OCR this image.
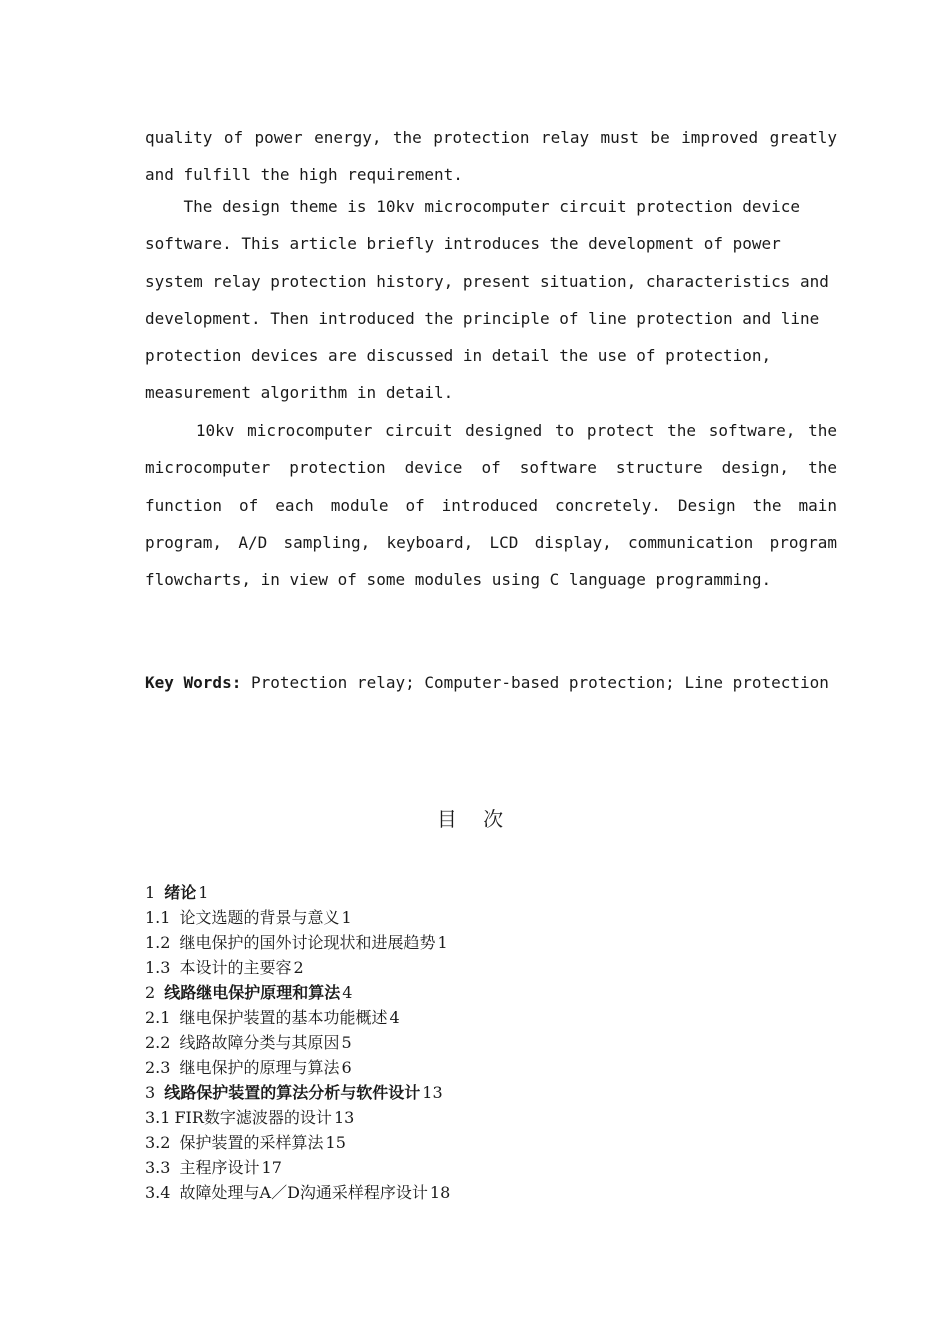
quality of power energy, the protection relay must be improved greatly
and fulfill the high requirement.
The design theme is 10kv microcomputer circuit protection device
software. This article briefly introduces the development of power
system relay protection history, present situation, characteristics and
development. Then introduced the principle of line protection and line
protection devices are discussed in detail the use of protection,
measurement algorithm in detail.
10kv microcomputer circuit designed to protect the software, the
microcomputer protection device of software structure design, the
function of each module of introduced concretely. Design the main
program, A/D sampling, keyboard, LCD display, communication program
flowcharts, in view of some modules using C language programming.
Key Words: Protection relay; Computer-based protection; Line protection
目 次
1 绪论 1
1.1 论文选题的背景与意义 1
1.2 继电保护的国外讨论现状和进展趋势 1
1.3 本设计的主要容 2
2 线路继电保护原理和算法 4
2.1 继电保护装置的基本功能概述 4
2.2 线路故障分类与其原因 5
2.3 继电保护的原理与算法 6
3 线路保护装置的算法分析与软件设计 13
3.1 FIR数字滤波器的设计 13
3.2 保护装置的采样算法 15
3.3 主程序设计 17
3.4 故障处理与A／D沟通采样程序设计 18
